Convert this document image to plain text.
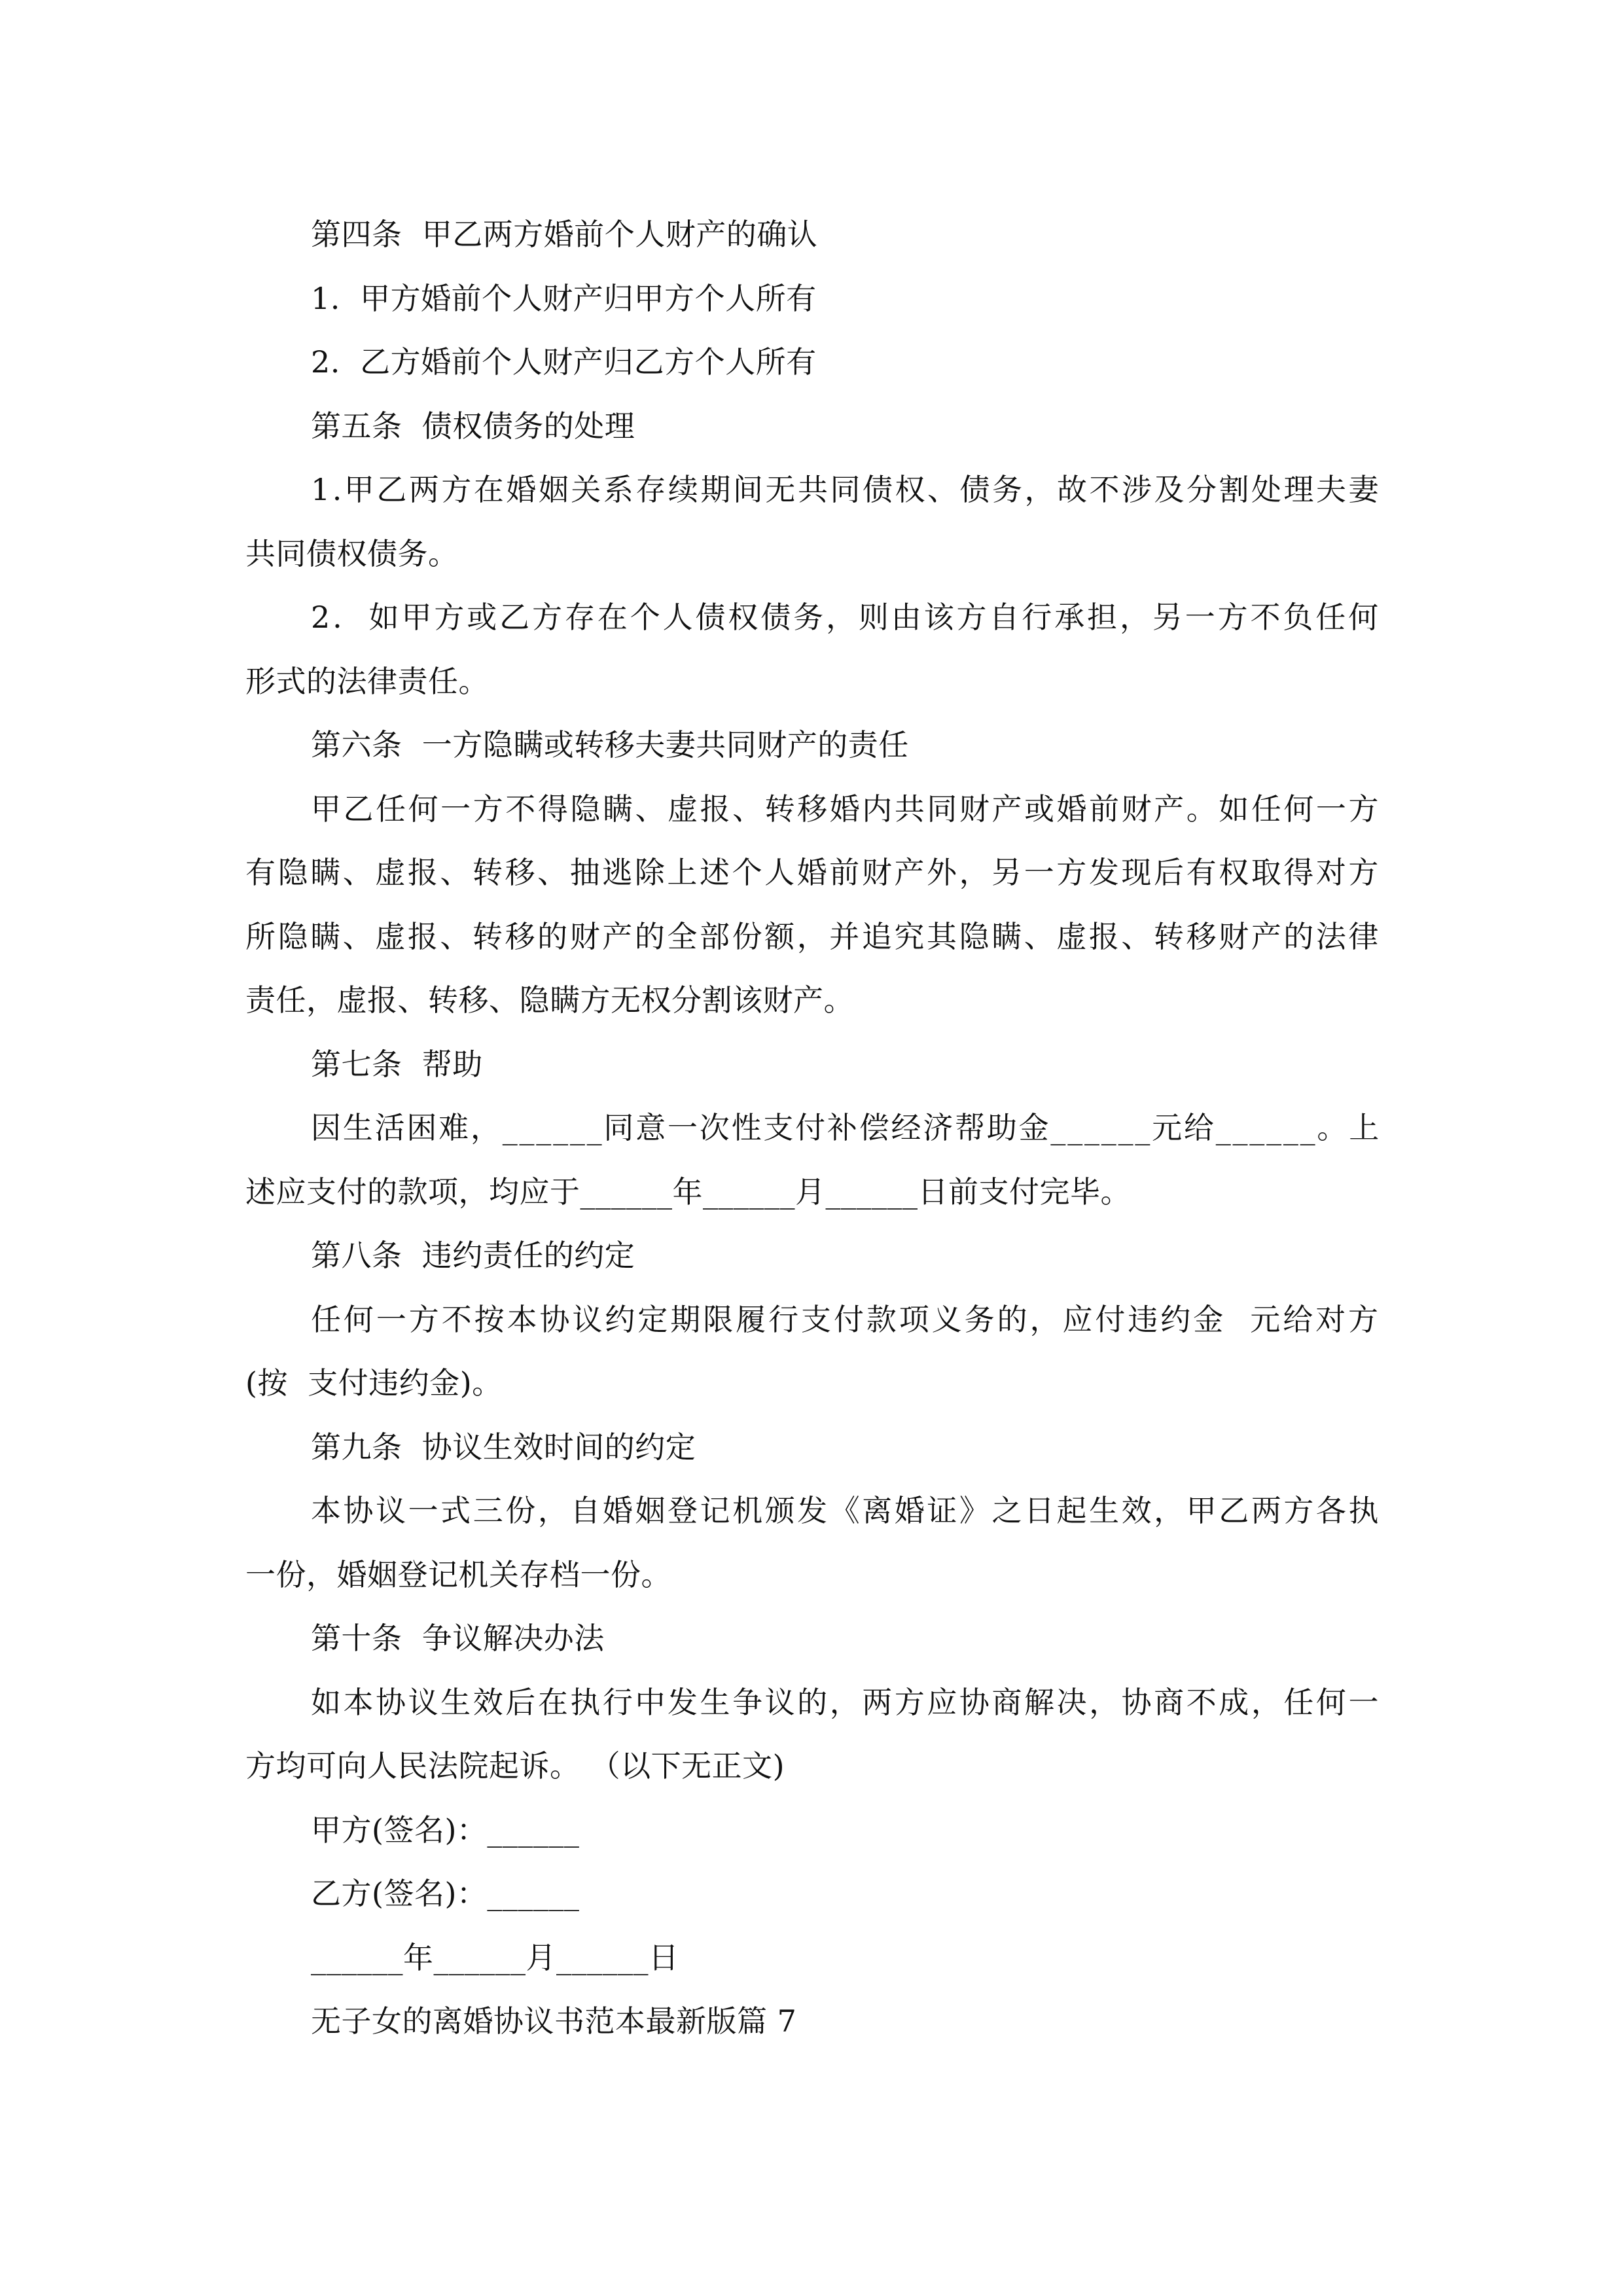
第四条  甲乙两方婚前个人财产的确认
1.  甲方婚前个人财产归甲方个人所有
2.  乙方婚前个人财产归乙方个人所有
第五条  债权债务的处理
1.甲乙两方在婚姻关系存续期间无共同债权、债务，故不涉及分割处理夫妻
共同债权债务。
2.  如甲方或乙方存在个人债权债务，则由该方自行承担，另一方不负任何
形式的法律责任。
第六条  一方隐瞒或转移夫妻共同财产的责任
甲乙任何一方不得隐瞒、虚报、转移婚内共同财产或婚前财产。如任何一方
有隐瞒、虚报、转移、抽逃除上述个人婚前财产外，另一方发现后有权取得对方
所隐瞒、虚报、转移的财产的全部份额，并追究其隐瞒、虚报、转移财产的法律
责任，虚报、转移、隐瞒方无权分割该财产。
第七条  帮助
因生活困难，______同意一次性支付补偿经济帮助金______元给______。上
述应支付的款项，均应于______年______月______日前支付完毕。
第八条  违约责任的约定
任何一方不按本协议约定期限履行支付款项义务的，应付违约金  元给对方
(按  支付违约金)。
第九条  协议生效时间的约定
本协议一式三份，自婚姻登记机颁发《离婚证》之日起生效，甲乙两方各执
一份，婚姻登记机关存档一份。
第十条  争议解决办法
如本协议生效后在执行中发生争议的，两方应协商解决，协商不成，任何一
方均可向人民法院起诉。 （以下无正文)
甲方(签名)：______
乙方(签名)：______
______年______月______日
无子女的离婚协议书范本最新版篇 7
